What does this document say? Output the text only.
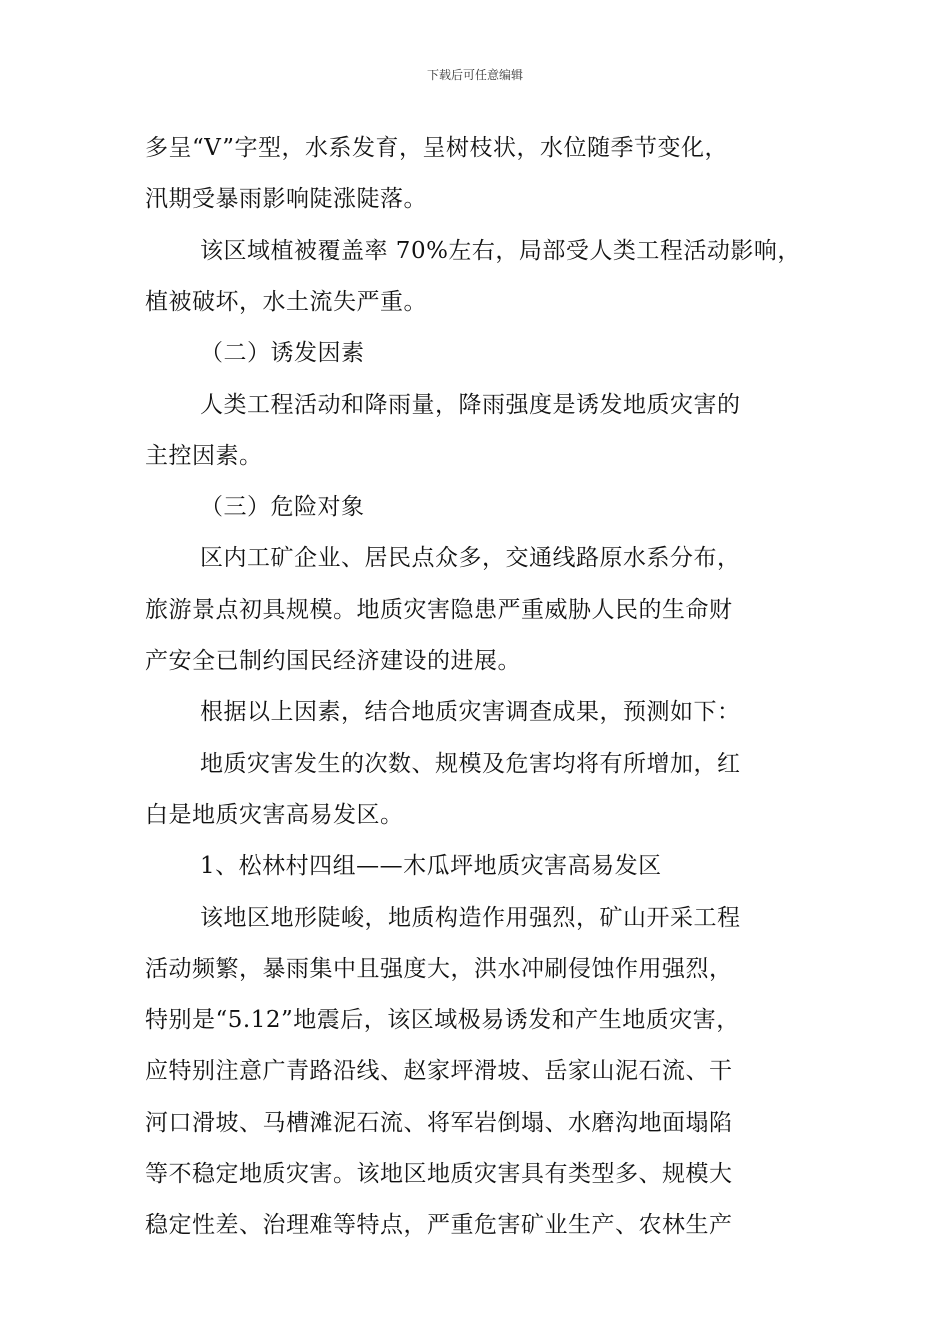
下载后可任意编辑
多呈“V”字型，水系发育，呈树枝状，水位随季节变化，
汛期受暴雨影响陡涨陡落。
该区域植被覆盖率 70%左右，局部受人类工程活动影响，
植被破坏，水土流失严重。
（二）诱发因素
人类工程活动和降雨量，降雨强度是诱发地质灾害的
主控因素。
（三）危险对象
区内工矿企业、居民点众多，交通线路原水系分布，
旅游景点初具规模。地质灾害隐患严重威胁人民的生命财
产安全已制约国民经济建设的进展。
根据以上因素，结合地质灾害调查成果，预测如下：
地质灾害发生的次数、规模及危害均将有所增加，红
白是地质灾害高易发区。
1、松林村四组——木瓜坪地质灾害高易发区
该地区地形陡峻，地质构造作用强烈，矿山开采工程
活动频繁，暴雨集中且强度大，洪水冲刷侵蚀作用强烈，
特别是“5.12”地震后，该区域极易诱发和产生地质灾害，
应特别注意广青路沿线、赵家坪滑坡、岳家山泥石流、干
河口滑坡、马槽滩泥石流、将军岩倒塌、水磨沟地面塌陷
等不稳定地质灾害。该地区地质灾害具有类型多、规模大
稳定性差、治理难等特点，严重危害矿业生产、农林生产
